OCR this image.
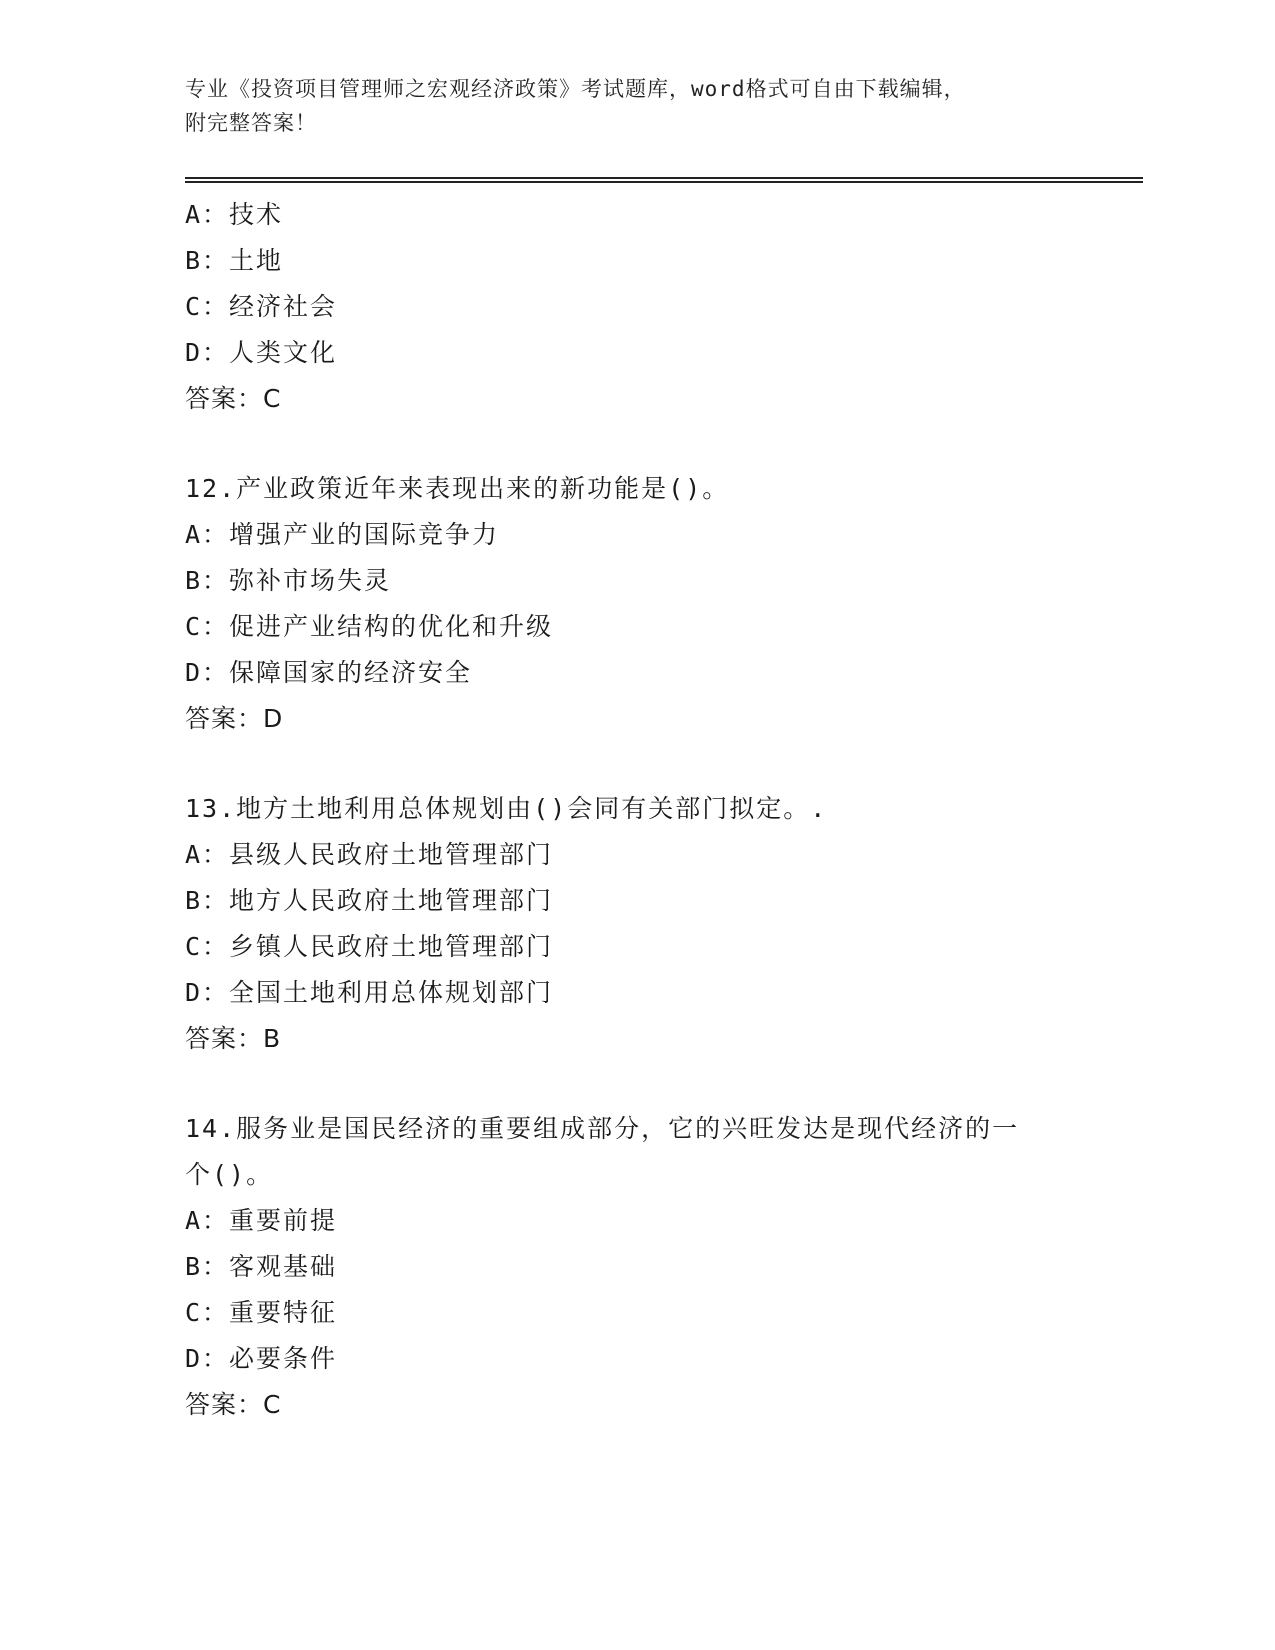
专业《投资项目管理师之宏观经济政策》考试题库，word格式可自由下载编辑，
附完整答案！
A：技术
B：土地
C：经济社会
D：人类文化
答案：C
12.产业政策近年来表现出来的新功能是()。
A：增强产业的国际竞争力
B：弥补市场失灵
C：促进产业结构的优化和升级
D：保障国家的经济安全
答案：D
13.地方土地利用总体规划由()会同有关部门拟定。.
A：县级人民政府土地管理部门
B：地方人民政府土地管理部门
C：乡镇人民政府土地管理部门
D：全国土地利用总体规划部门
答案：B
14.服务业是国民经济的重要组成部分，它的兴旺发达是现代经济的一
个()。
A：重要前提
B：客观基础
C：重要特征
D：必要条件
答案：C
